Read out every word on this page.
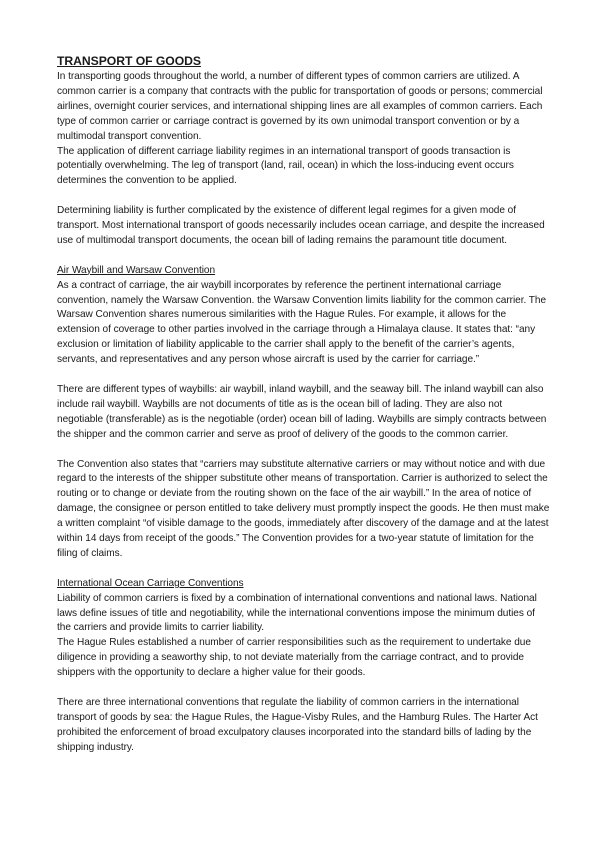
TRANSPORT OF GOODS

In transporting goods throughout the world, a number of different types of common carriers are utilized. A common carrier is a company that contracts with the public for transportation of goods or persons; commercial airlines, overnight courier services, and international shipping lines are all examples of common carriers. Each type of common carrier or carriage contract is governed by its own unimodal transport convention or by a multimodal transport convention.

The application of different carriage liability regimes in an international transport of goods transaction is potentially overwhelming. The leg of transport (land, rail, ocean) in which the loss-inducing event occurs determines the convention to be applied.

Determining liability is further complicated by the existence of different legal regimes for a given mode of transport. Most international transport of goods necessarily includes ocean carriage, and despite the increased use of multimodal transport documents, the ocean bill of lading remains the paramount title document.

Air Waybill and Warsaw Convention

As a contract of carriage, the air waybill incorporates by reference the pertinent international carriage convention, namely the Warsaw Convention. the Warsaw Convention limits liability for the common carrier. The Warsaw Convention shares numerous similarities with the Hague Rules. For example, it allows for the extension of coverage to other parties involved in the carriage through a Himalaya clause. It states that: “any exclusion or limitation of liability applicable to the carrier shall apply to the benefit of the carrier’s agents, servants, and representatives and any person whose aircraft is used by the carrier for carriage.”

There are different types of waybills: air waybill, inland waybill, and the seaway bill. The inland waybill can also include rail waybill. Waybills are not documents of title as is the ocean bill of lading. They are also not negotiable (transferable) as is the negotiable (order) ocean bill of lading. Waybills are simply contracts between the shipper and the common carrier and serve as proof of delivery of the goods to the common carrier.

The Convention also states that “carriers may substitute alternative carriers or may without notice and with due regard to the interests of the shipper substitute other means of transportation. Carrier is authorized to select the routing or to change or deviate from the routing shown on the face of the air waybill.” In the area of notice of damage, the consignee or person entitled to take delivery must promptly inspect the goods. He then must make a written complaint “of visible damage to the goods, immediately after discovery of the damage and at the latest within 14 days from receipt of the goods.” The Convention provides for a two-year statute of limitation for the filing of claims.

International Ocean Carriage Conventions

Liability of common carriers is fixed by a combination of international conventions and national laws. National laws define issues of title and negotiability, while the international conventions impose the minimum duties of the carriers and provide limits to carrier liability.

The Hague Rules established a number of carrier responsibilities such as the requirement to undertake due diligence in providing a seaworthy ship, to not deviate materially from the carriage contract, and to provide shippers with the opportunity to declare a higher value for their goods.

There are three international conventions that regulate the liability of common carriers in the international transport of goods by sea: the Hague Rules, the Hague-Visby Rules, and the Hamburg Rules. The Harter Act prohibited the enforcement of broad exculpatory clauses incorporated into the standard bills of lading by the shipping industry.
